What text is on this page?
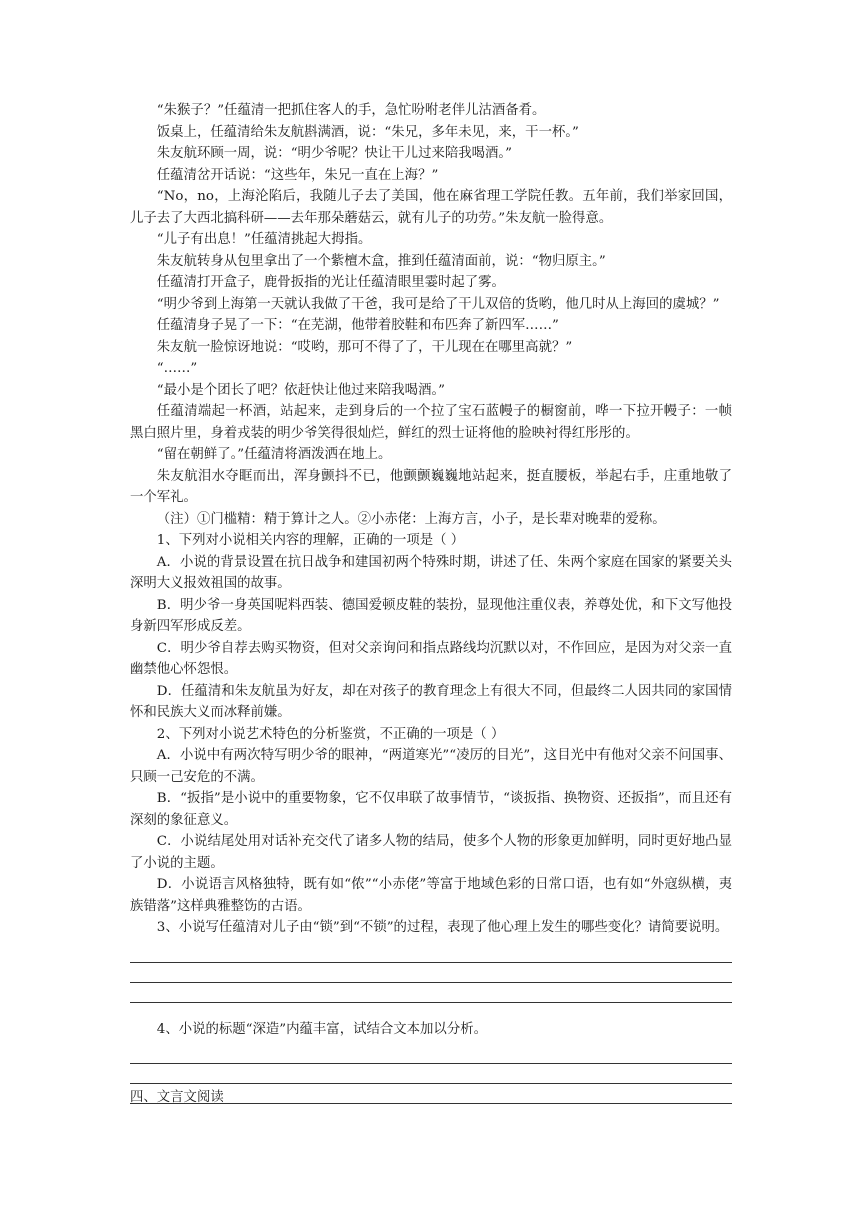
“朱猴子？”任蕴清一把抓住客人的手，急忙吩咐老伴儿沽酒备肴。

饭桌上，任蕴清给朱友航斟满酒，说：“朱兄，多年未见，来，干一杯。”

朱友航环顾一周，说：“明少爷呢？快让干儿过来陪我喝酒。”

任蕴清岔开话说：“这些年，朱兄一直在上海？”

“No，no，上海沦陷后，我随儿子去了美国，他在麻省理工学院任教。五年前，我们举家回国，儿子去了大西北搞科研——去年那朵蘑菇云，就有儿子的功劳。”朱友航一脸得意。

“儿子有出息！”任蕴清挑起大拇指。

朱友航转身从包里拿出了一个紫檀木盒，推到任蕴清面前，说：“物归原主。”

任蕴清打开盒子，鹿骨扳指的光让任蕴清眼里霎时起了雾。

“明少爷到上海第一天就认我做了干爸，我可是给了干儿双倍的货哟，他几时从上海回的虞城？”

任蕴清身子晃了一下：“在芜湖，他带着胶鞋和布匹奔了新四军……”

朱友航一脸惊讶地说：“哎哟，那可不得了了，干儿现在在哪里高就？”

“……”

“最小是个团长了吧？依赶快让他过来陪我喝酒。”

任蕴清端起一杯酒，站起来，走到身后的一个拉了宝石蓝幔子的橱窗前，哗一下拉开幔子：一帧黑白照片里，身着戎装的明少爷笑得很灿烂，鲜红的烈士证将他的脸映衬得红彤彤的。

“留在朝鲜了。”任蕴清将酒泼洒在地上。

朱友航泪水夺眶而出，浑身颤抖不已，他颤颤巍巍地站起来，挺直腰板，举起右手，庄重地敬了一个军礼。

（注）①门槛精：精于算计之人。②小赤佬：上海方言，小子，是长辈对晚辈的爱称。

1、下列对小说相关内容的理解，正确的一项是（ ）

A．小说的背景设置在抗日战争和建国初两个特殊时期，讲述了任、朱两个家庭在国家的紧要关头深明大义报效祖国的故事。

B．明少爷一身英国呢料西装、德国爱顿皮鞋的装扮，显现他注重仪表，养尊处优，和下文写他投身新四军形成反差。

C．明少爷自荐去购买物资，但对父亲询问和指点路线均沉默以对，不作回应，是因为对父亲一直幽禁他心怀怨恨。

D．任蕴清和朱友航虽为好友，却在对孩子的教育理念上有很大不同，但最终二人因共同的家国情怀和民族大义而冰释前嫌。

2、下列对小说艺术特色的分析鉴赏，不正确的一项是（ ）

A．小说中有两次特写明少爷的眼神，“两道寒光”“凌厉的目光”，这目光中有他对父亲不问国事、只顾一己安危的不满。

B．“扳指”是小说中的重要物象，它不仅串联了故事情节，“谈扳指、换物资、还扳指”，而且还有深刻的象征意义。

C．小说结尾处用对话补充交代了诸多人物的结局，使多个人物的形象更加鲜明，同时更好地凸显了小说的主题。

D．小说语言风格独特，既有如“侬”“小赤佬”等富于地域色彩的日常口语，也有如“外寇纵横，夷族错落”这样典雅整饬的古语。

3、小说写任蕴清对儿子由“锁”到“不锁”的过程，表现了他心理上发生的哪些变化？请简要说明。

4、小说的标题“深造”内蕴丰富，试结合文本加以分析。

四、文言文阅读
